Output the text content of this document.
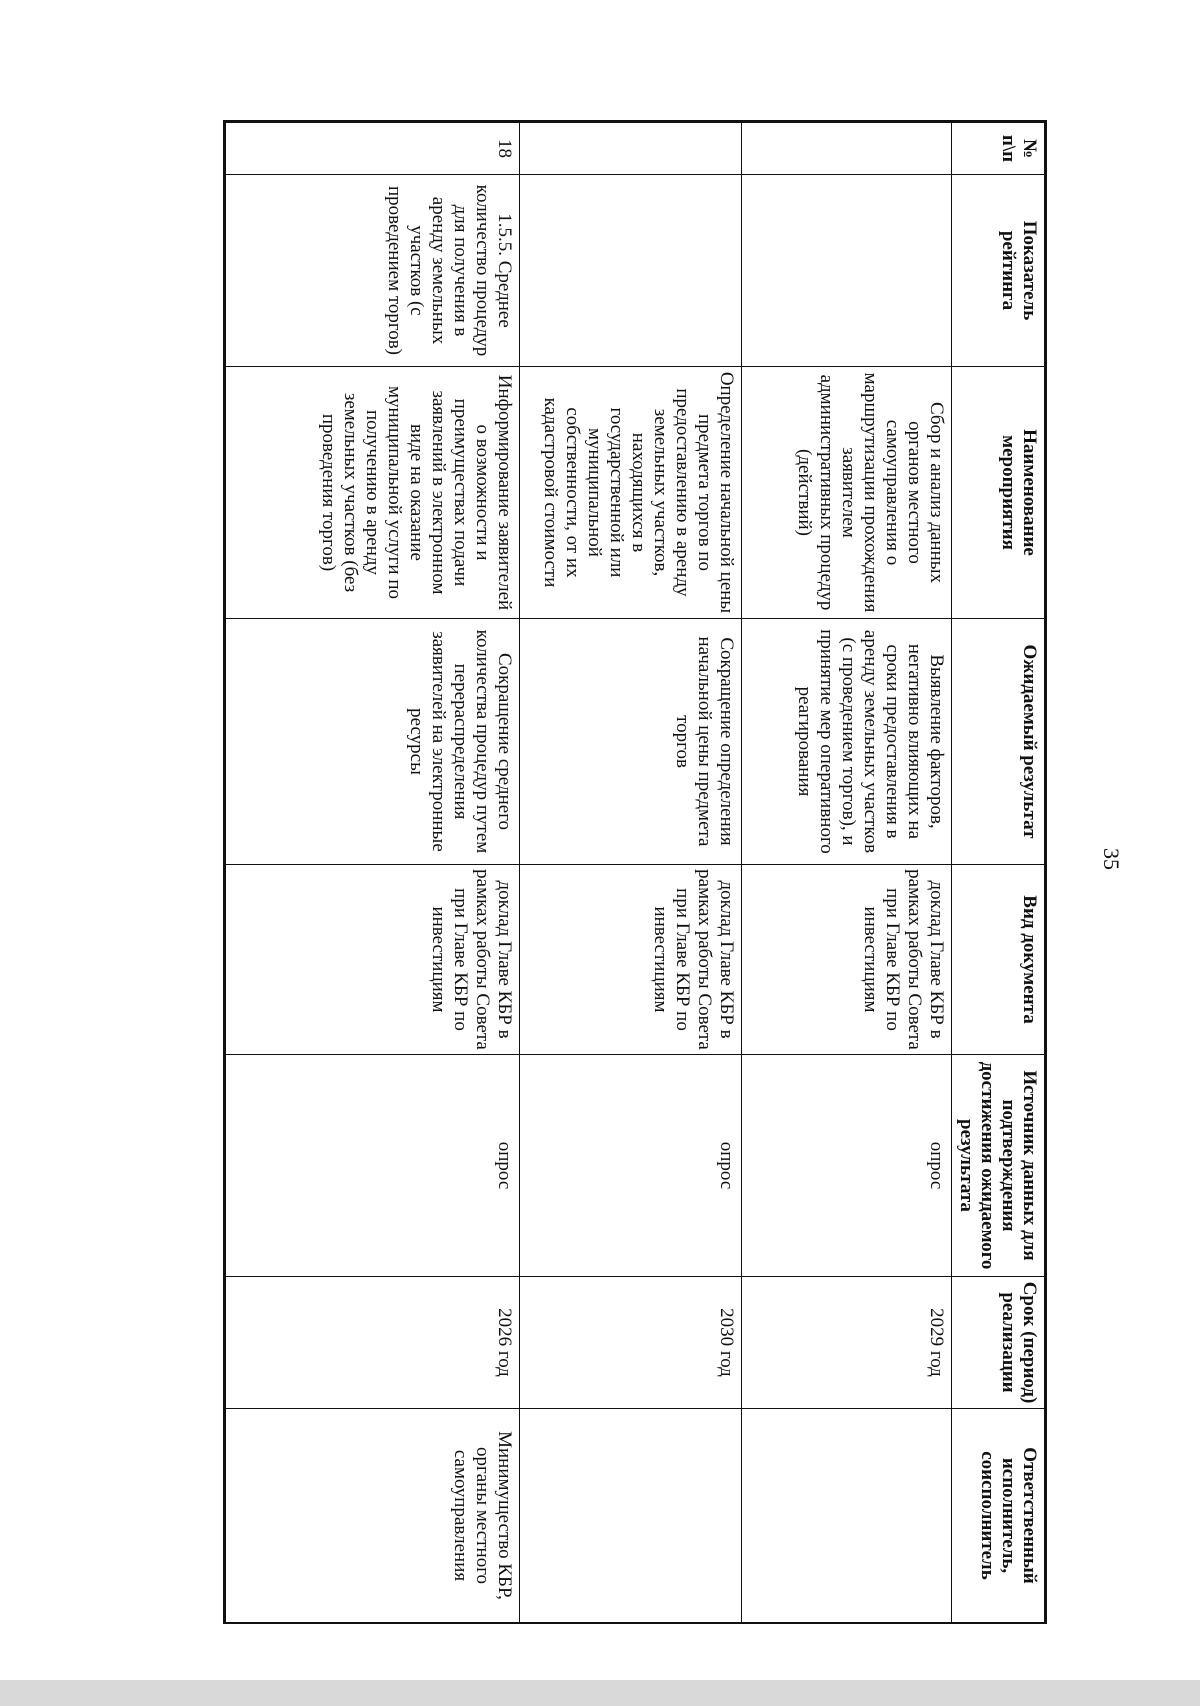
35
№ п\п	Показатель рейтинга	Наименование мероприятия	Ожидаемый результат	Вид документа	Источник данных для подтверждения достижения ожидаемого результата	Срок (период) реализации	Ответственный исполнитель, соисполнитель
		Сбор и анализ данных органов местного самоуправления о маршрутизации прохождения заявителем административных процедур (действий)	Выявление факторов, негативно влияющих на сроки предоставления в аренду земельных участков (с проведением торгов), и принятие мер оперативного реагирования	доклад Главе КБР в рамках работы Совета при Главе КБР по инвестициям	опрос	2029 год	
		Определение начальной цены предмета торгов по предоставлению в аренду земельных участков, находящихся в государственной или муниципальной собственности, от их кадастровой стоимости	Сокращение определения начальной цены предмета торгов	доклад Главе КБР в рамках работы Совета при Главе КБР по инвестициям	опрос	2030 год	
18	1.5.5. Среднее количество процедур для получения в аренду земельных участков (с проведением торгов)	Информирование заявителей о возможности и преимуществах подачи заявлений в электронном виде на оказание муниципальной услуги по получению в аренду земельных участков (без проведения торгов)	Сокращение среднего количества процедур путем перераспределения заявителей на электронные ресурсы	доклад Главе КБР в рамках работы Совета при Главе КБР по инвестициям	опрос	2026 год	Минимущество КБР, органы местного самоуправления
